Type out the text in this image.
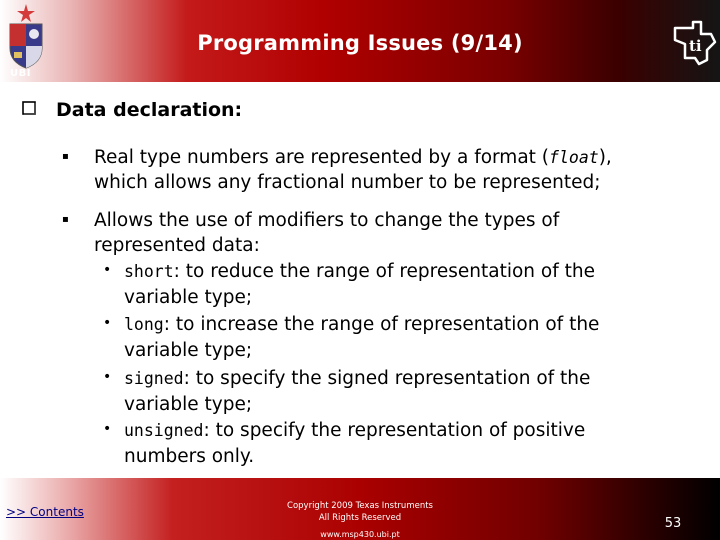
Programming Issues (9/14)
UBI
ti
Data declaration:
▪ Real type numbers are represented by a format (float),
which allows any fractional number to be represented;
▪ Allows the use of modifiers to change the types of
represented data:
• short: to reduce the range of representation of the
variable type;
• long: to increase the range of representation of the
variable type;
• signed: to specify the signed representation of the
variable type;
• unsigned: to specify the representation of positive
numbers only.
>> Contents	Copyright 2009 Texas Instruments
All Rights Reserved
www.msp430.ubi.pt
53
